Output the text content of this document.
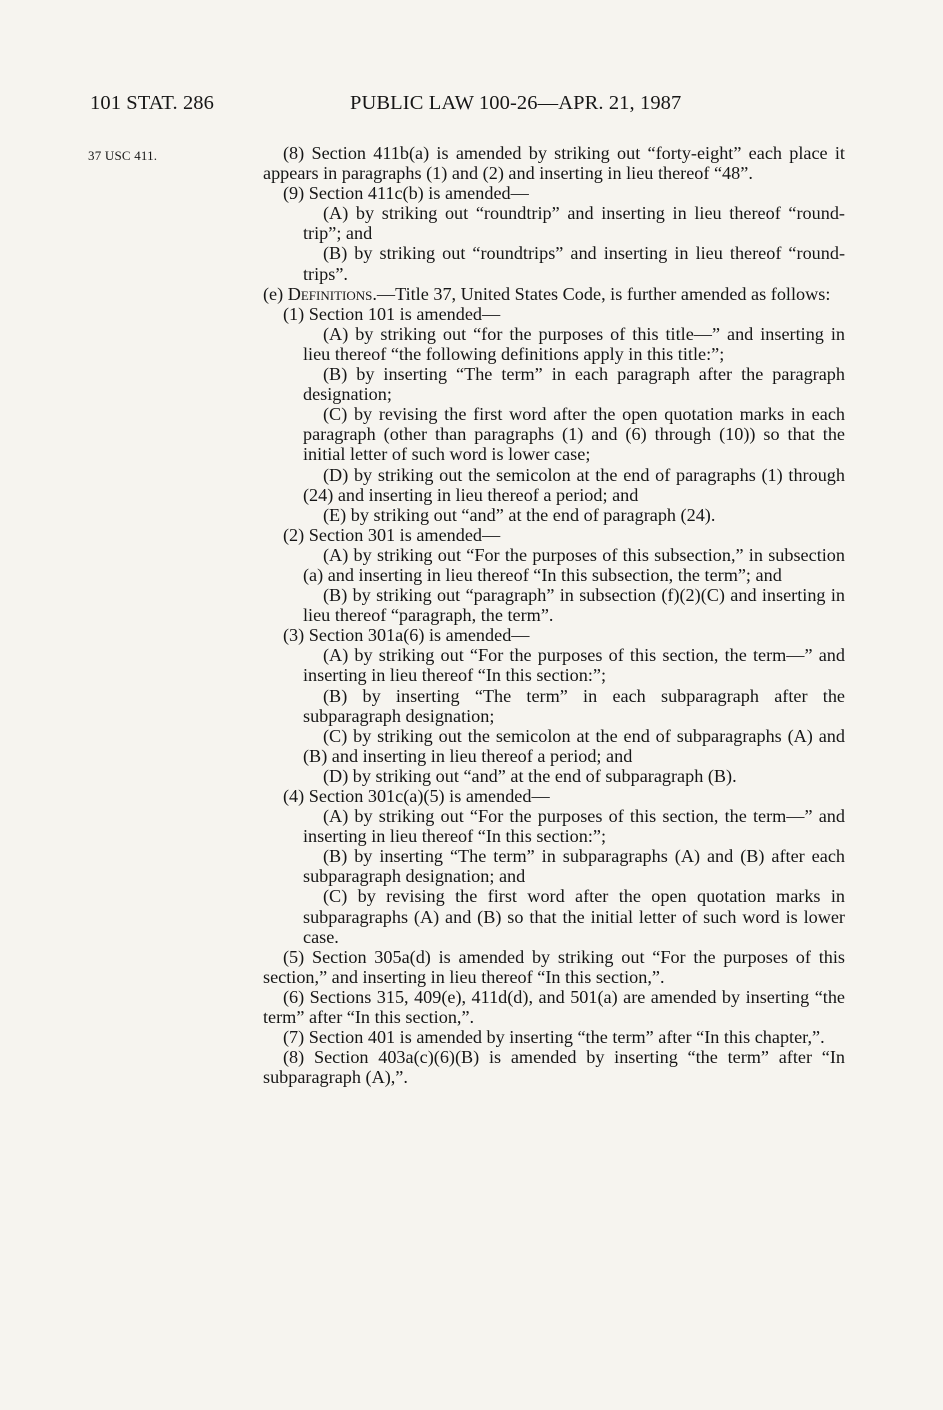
101 STAT. 286	PUBLIC LAW 100-26—APR. 21, 1987
37 USC 411.	(8) Section 411b(a) is amended by striking out “forty-eight” each place it appears in paragraphs (1) and (2) and inserting in lieu thereof “48”.

(9) Section 411c(b) is amended—

(A) by striking out “roundtrip” and inserting in lieu thereof “round-trip”; and

(B) by striking out “roundtrips” and inserting in lieu thereof “round-trips”.

(e) Definitions.—Title 37, United States Code, is further amended as follows:

(1) Section 101 is amended—

(A) by striking out “for the purposes of this title—” and inserting in lieu thereof “the following definitions apply in this title:”;

(B) by inserting “The term” in each paragraph after the paragraph designation;

(C) by revising the first word after the open quotation marks in each paragraph (other than paragraphs (1) and (6) through (10)) so that the initial letter of such word is lower case;

(D) by striking out the semicolon at the end of paragraphs (1) through (24) and inserting in lieu thereof a period; and

(E) by striking out “and” at the end of paragraph (24).

(2) Section 301 is amended—

(A) by striking out “For the purposes of this subsection,” in subsection (a) and inserting in lieu thereof “In this subsection, the term”; and

(B) by striking out “paragraph” in subsection (f)(2)(C) and inserting in lieu thereof “paragraph, the term”.

(3) Section 301a(6) is amended—

(A) by striking out “For the purposes of this section, the term—” and inserting in lieu thereof “In this section:”;

(B) by inserting “The term” in each subparagraph after the subparagraph designation;

(C) by striking out the semicolon at the end of subparagraphs (A) and (B) and inserting in lieu thereof a period; and

(D) by striking out “and” at the end of subparagraph (B).

(4) Section 301c(a)(5) is amended—

(A) by striking out “For the purposes of this section, the term—” and inserting in lieu thereof “In this section:”;

(B) by inserting “The term” in subparagraphs (A) and (B) after each subparagraph designation; and

(C) by revising the first word after the open quotation marks in subparagraphs (A) and (B) so that the initial letter of such word is lower case.

(5) Section 305a(d) is amended by striking out “For the purposes of this section,” and inserting in lieu thereof “In this section,”.

(6) Sections 315, 409(e), 411d(d), and 501(a) are amended by inserting “the term” after “In this section,”.

(7) Section 401 is amended by inserting “the term” after “In this chapter,”.

(8) Section 403a(c)(6)(B) is amended by inserting “the term” after “In subparagraph (A),”.
